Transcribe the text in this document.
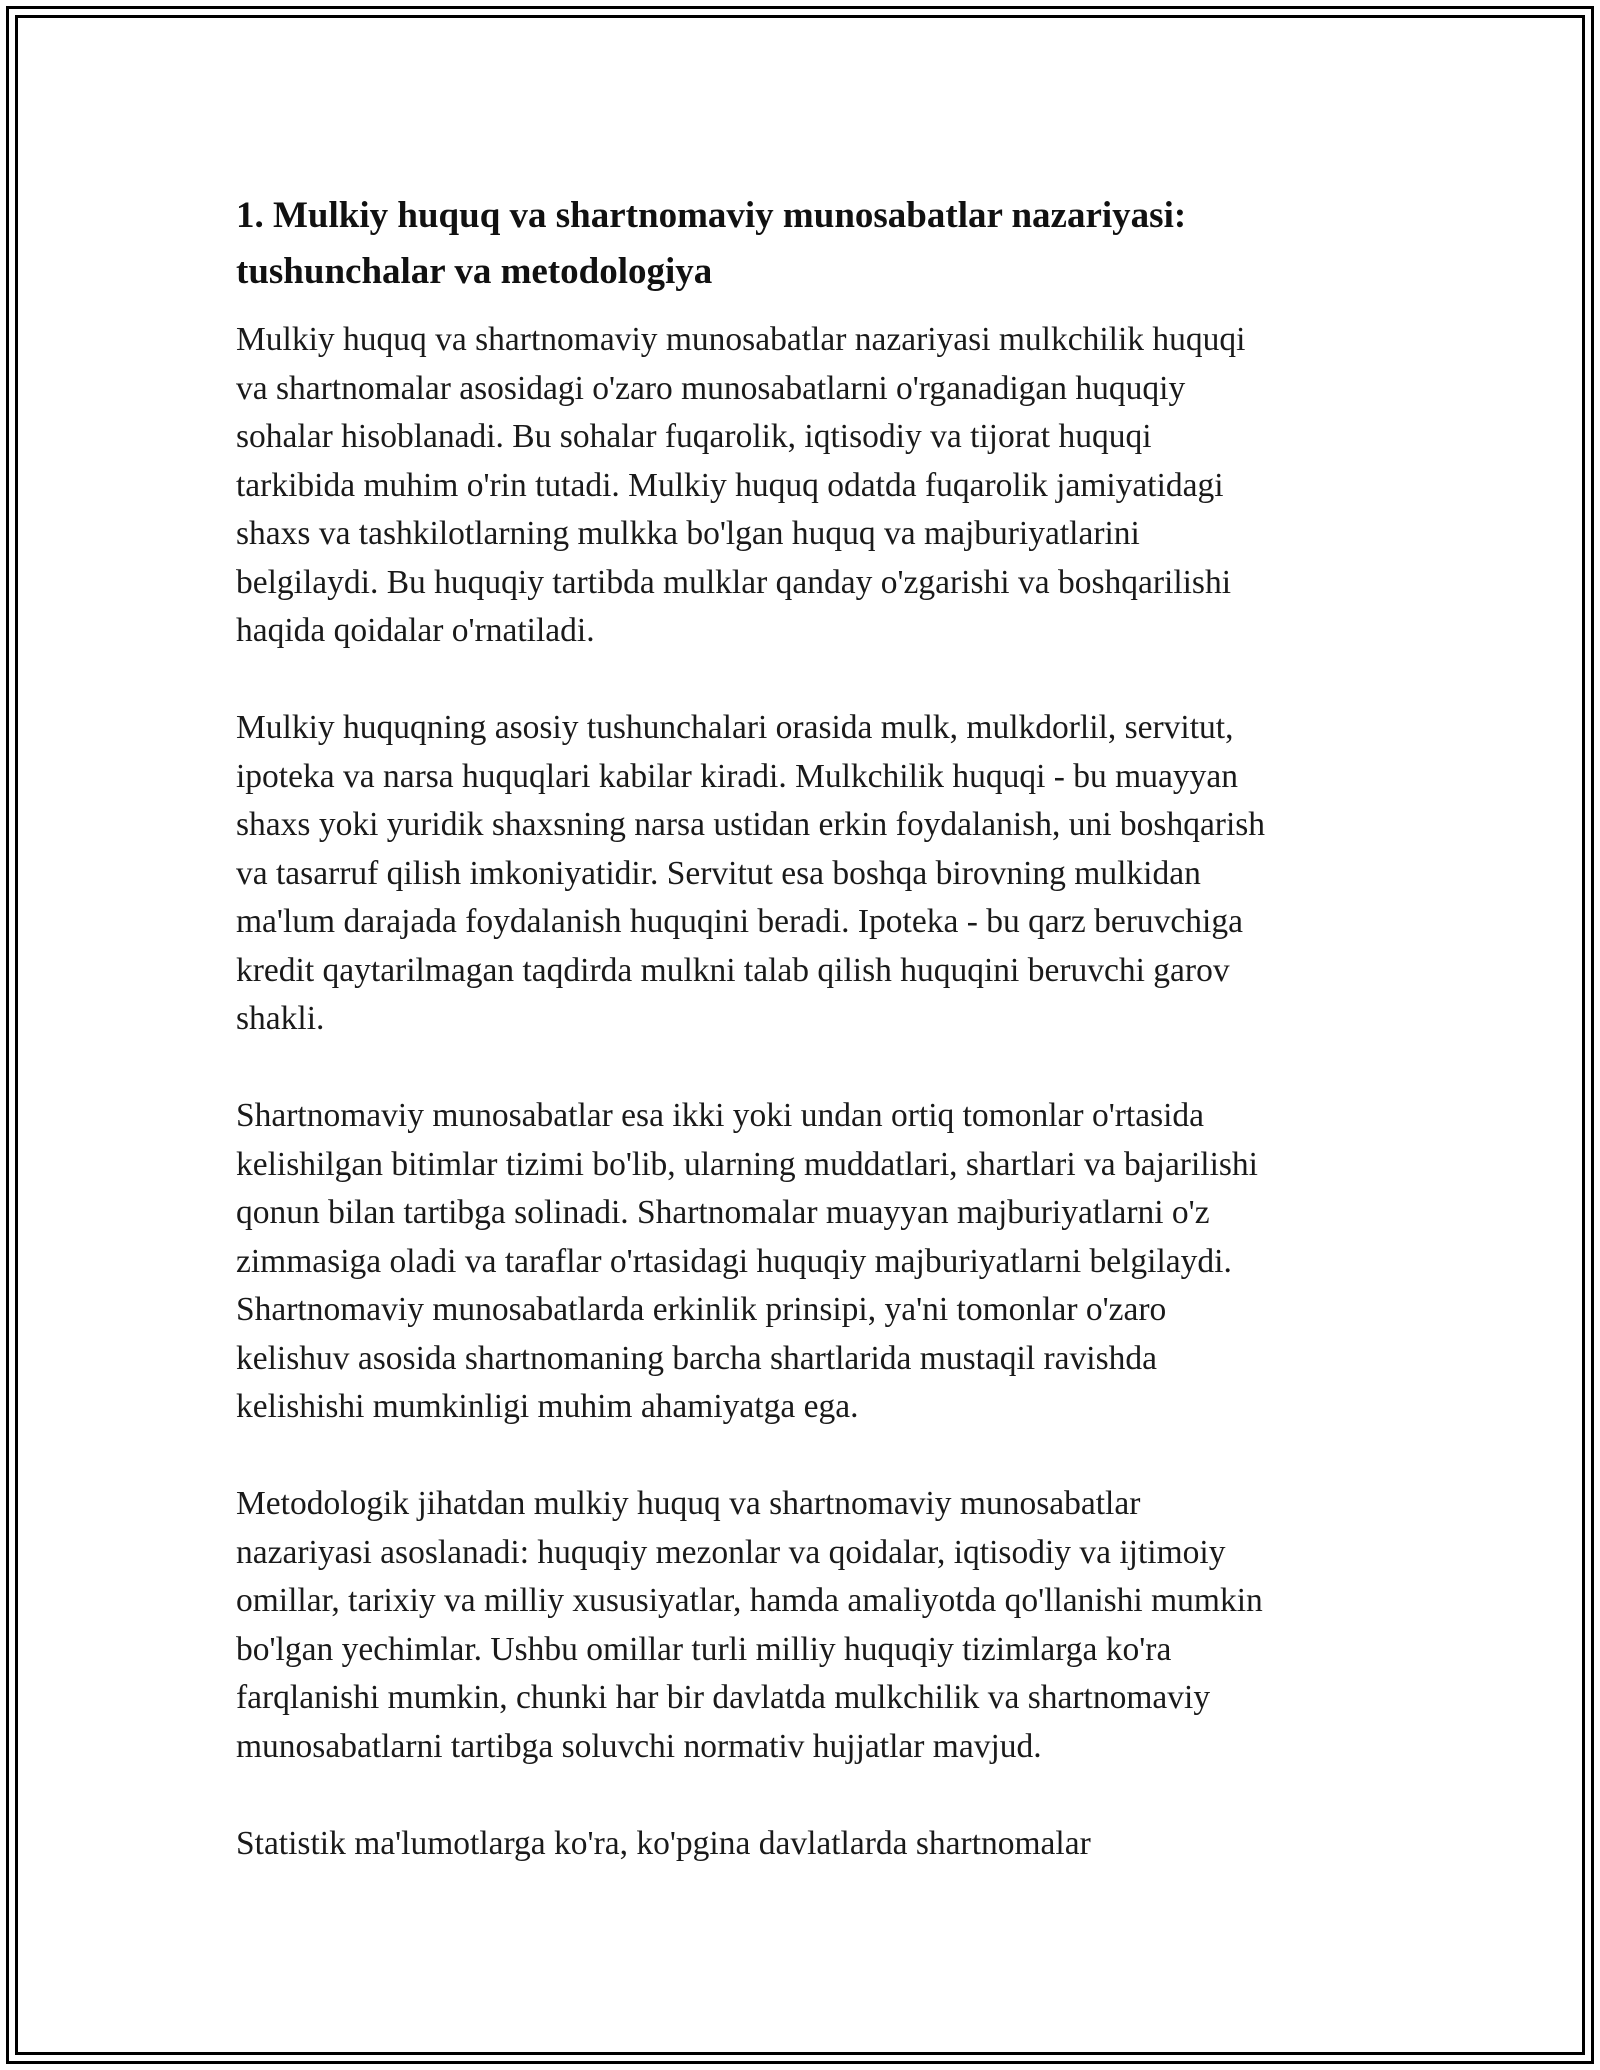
1. Mulkiy huquq va shartnomaviy munosabatlar nazariyasi:
tushunchalar va metodologiya

Mulkiy huquq va shartnomaviy munosabatlar nazariyasi mulkchilik huquqi
va shartnomalar asosidagi o'zaro munosabatlarni o'rganadigan huquqiy
sohalar hisoblanadi. Bu sohalar fuqarolik, iqtisodiy va tijorat huquqi
tarkibida muhim o'rin tutadi. Mulkiy huquq odatda fuqarolik jamiyatidagi
shaxs va tashkilotlarning mulkka bo'lgan huquq va majburiyatlarini
belgilaydi. Bu huquqiy tartibda mulklar qanday o'zgarishi va boshqarilishi
haqida qoidalar o'rnatiladi.

Mulkiy huquqning asosiy tushunchalari orasida mulk, mulkdorlil, servitut,
ipoteka va narsa huquqlari kabilar kiradi. Mulkchilik huquqi - bu muayyan
shaxs yoki yuridik shaxsning narsa ustidan erkin foydalanish, uni boshqarish
va tasarruf qilish imkoniyatidir. Servitut esa boshqa birovning mulkidan
ma'lum darajada foydalanish huquqini beradi. Ipoteka - bu qarz beruvchiga
kredit qaytarilmagan taqdirda mulkni talab qilish huquqini beruvchi garov
shakli.

Shartnomaviy munosabatlar esa ikki yoki undan ortiq tomonlar o'rtasida
kelishilgan bitimlar tizimi bo'lib, ularning muddatlari, shartlari va bajarilishi
qonun bilan tartibga solinadi. Shartnomalar muayyan majburiyatlarni o'z
zimmasiga oladi va taraflar o'rtasidagi huquqiy majburiyatlarni belgilaydi.
Shartnomaviy munosabatlarda erkinlik prinsipi, ya'ni tomonlar o'zaro
kelishuv asosida shartnomaning barcha shartlarida mustaqil ravishda
kelishishi mumkinligi muhim ahamiyatga ega.

Metodologik jihatdan mulkiy huquq va shartnomaviy munosabatlar
nazariyasi asoslanadi: huquqiy mezonlar va qoidalar, iqtisodiy va ijtimoiy
omillar, tarixiy va milliy xususiyatlar, hamda amaliyotda qo'llanishi mumkin
bo'lgan yechimlar. Ushbu omillar turli milliy huquqiy tizimlarga ko'ra
farqlanishi mumkin, chunki har bir davlatda mulkchilik va shartnomaviy
munosabatlarni tartibga soluvchi normativ hujjatlar mavjud.

Statistik ma'lumotlarga ko'ra, ko'pgina davlatlarda shartnomalar
